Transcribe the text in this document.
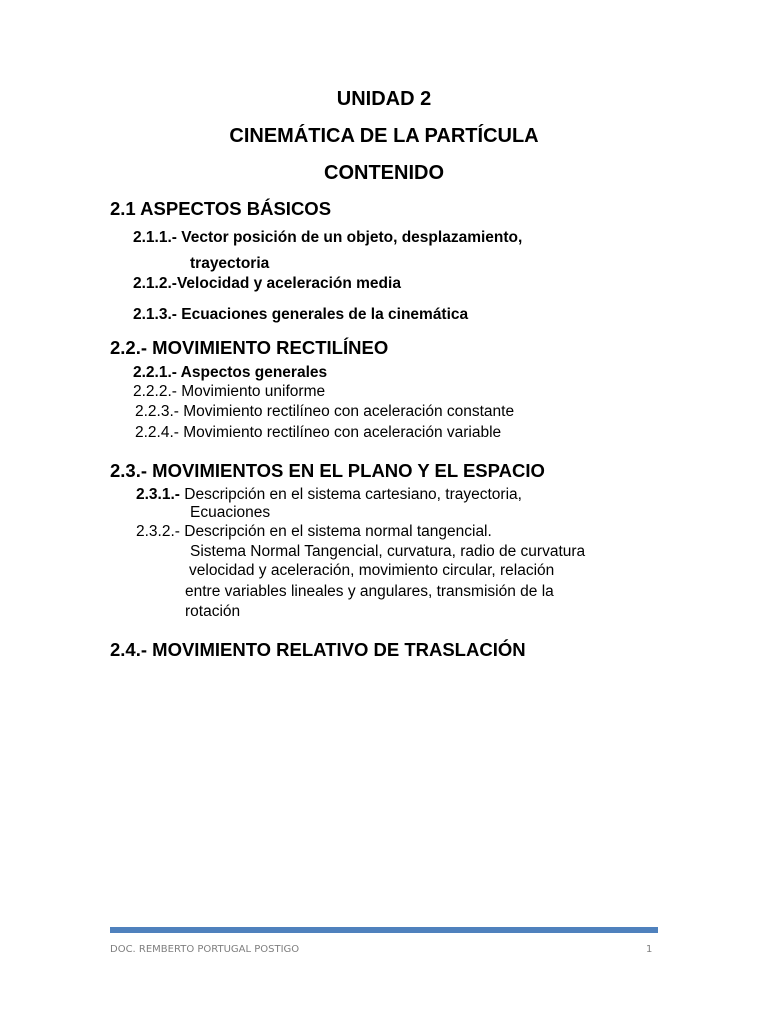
UNIDAD 2
CINEMÁTICA DE LA PARTÍCULA
CONTENIDO
2.1 ASPECTOS BÁSICOS
2.1.1.- Vector posición de un objeto, desplazamiento,
trayectoria
2.1.2.-Velocidad y aceleración media
2.1.3.- Ecuaciones generales de la cinemática
2.2.- MOVIMIENTO RECTILÍNEO
2.2.1.- Aspectos generales
2.2.2.- Movimiento uniforme
2.2.3.- Movimiento rectilíneo con aceleración constante
2.2.4.- Movimiento rectilíneo con aceleración variable
2.3.- MOVIMIENTOS EN EL PLANO Y EL ESPACIO
2.3.1.- Descripción en el sistema cartesiano, trayectoria,
Ecuaciones
2.3.2.- Descripción en el sistema normal tangencial.
Sistema Normal Tangencial, curvatura, radio de curvatura
velocidad y aceleración, movimiento circular, relación
entre variables lineales y angulares, transmisión de la
rotación
2.4.- MOVIMIENTO RELATIVO DE TRASLACIÓN
DOC. REMBERTO PORTUGAL POSTIGO	1
